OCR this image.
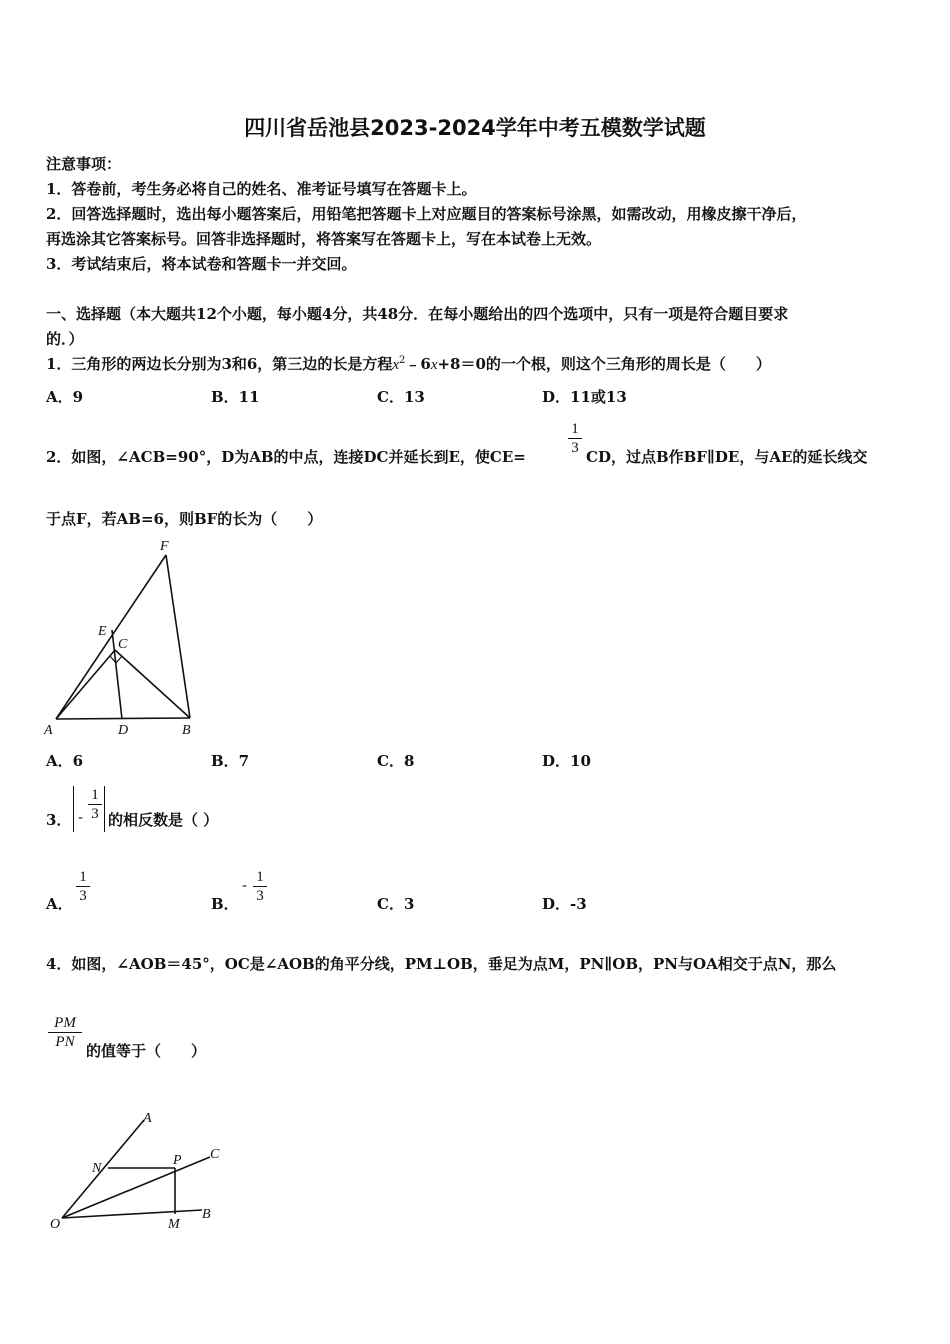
四川省岳池县2023-2024学年中考五模数学试题
注意事项：
1．答卷前，考生务必将自己的姓名、准考证号填写在答题卡上。
2．回答选择题时，选出每小题答案后，用铅笔把答题卡上对应题目的答案标号涂黑，如需改动，用橡皮擦干净后，
再选涂其它答案标号。回答非选择题时，将答案写在答题卡上，写在本试卷上无效。
3．考试结束后，将本试卷和答题卡一并交回。
一、选择题（本大题共12个小题，每小题4分，共48分．在每小题给出的四个选项中，只有一项是符合题目要求
的．）
1．三角形的两边长分别为3和6，第三边的长是方程$x^2﹣6x+8=0$的一个根，则这个三角形的周长是（　　）
A．9	B．11	C．13	D．11或13
2．如图，∠ACB=90°，D为AB的中点，连接DC并延长到E，使CE=
1
3 CD，过点B作BF∥DE，与AE的延长线交
于点F，若AB=6，则BF的长为（　　）
F
E
C
A	D	B
A．6	B．7	C．8	D．10
3． -
1
3 的相反数是（ ）
A．
1
3	B．
- 1
3	C．3	D．-3
4．如图，∠AOB＝45°，OC是∠AOB的角平分线，PM⊥OB，垂足为点M，PN∥OB，PN与OA相交于点N，那么
PM
PN 的值等于（　　）
A
N
P C
O	M
B
